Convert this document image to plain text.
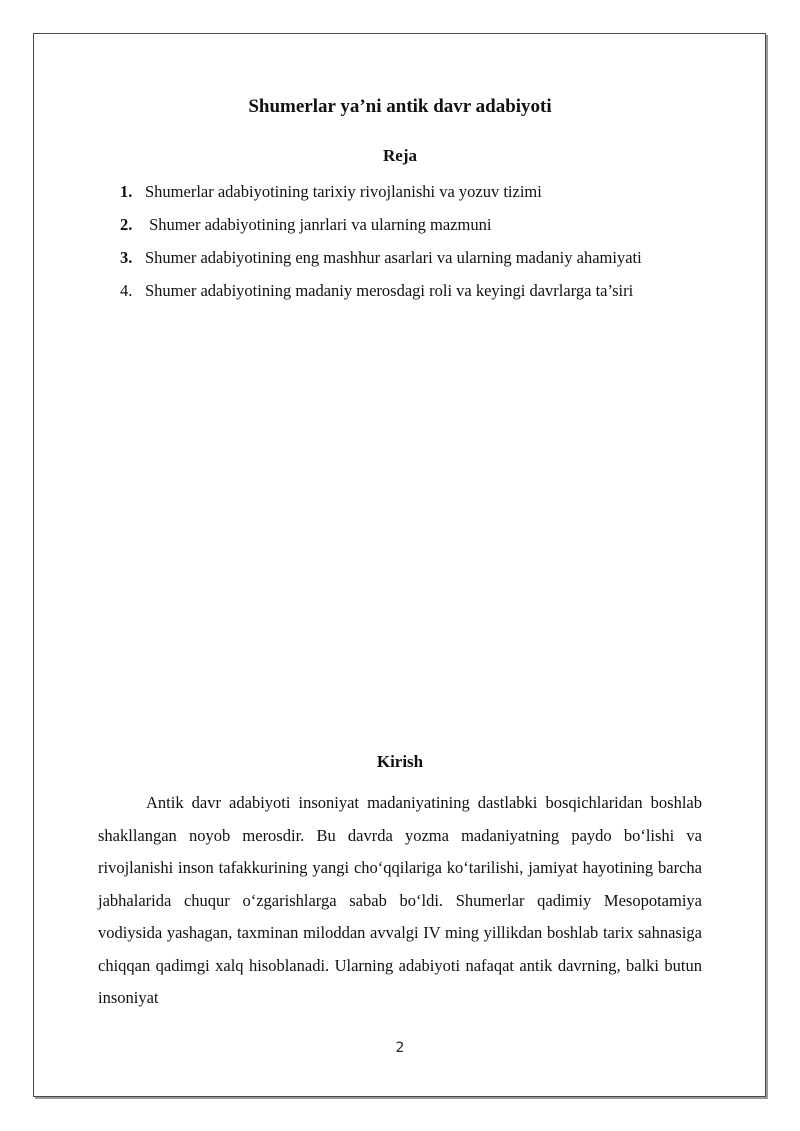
Shumerlar ya’ni antik davr adabiyoti
Reja
1. Shumerlar adabiyotining tarixiy rivojlanishi va yozuv tizimi
2. Shumer adabiyotining janrlari va ularning mazmuni
3. Shumer adabiyotining eng mashhur asarlari va ularning madaniy ahamiyati
4. Shumer adabiyotining madaniy merosdagi roli va keyingi davrlarga ta’siri
Kirish

Antik davr adabiyoti insoniyat madaniyatining dastlabki bosqichlaridan boshlab shakllangan noyob merosdir. Bu davrda yozma madaniyatning paydo bo‘lishi va rivojlanishi inson tafakkurining yangi cho‘qqilariga ko‘tarilishi, jamiyat hayotining barcha jabhalarida chuqur o‘zgarishlarga sabab bo‘ldi. Shumerlar qadimiy Mesopotamiya vodiysida yashagan, taxminan miloddan avvalgi IV ming yillikdan boshlab tarix sahnasiga chiqqan qadimgi xalq hisoblanadi. Ularning adabiyoti nafaqat antik davrning, balki butun insoniyat

2
